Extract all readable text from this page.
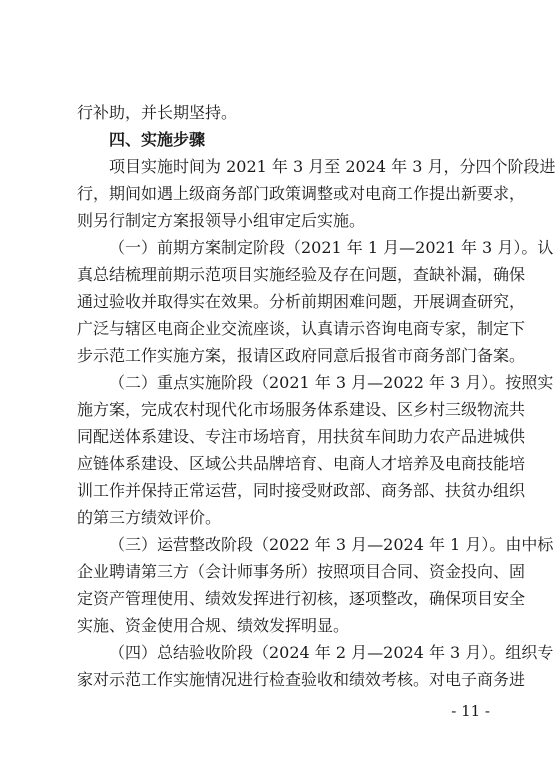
行补助，并长期坚持。
四、实施步骤
项目实施时间为 2021 年 3 月至 2024 年 3 月，分四个阶段进
行，期间如遇上级商务部门政策调整或对电商工作提出新要求，
则另行制定方案报领导小组审定后实施。
（一）前期方案制定阶段（2021 年 1 月—2021 年 3 月）。认
真总结梳理前期示范项目实施经验及存在问题，查缺补漏，确保
通过验收并取得实在效果。分析前期困难问题，开展调查研究，
广泛与辖区电商企业交流座谈，认真请示咨询电商专家，制定下
步示范工作实施方案，报请区政府同意后报省市商务部门备案。
（二）重点实施阶段（2021 年 3 月—2022 年 3 月）。按照实
施方案，完成农村现代化市场服务体系建设、区乡村三级物流共
同配送体系建设、专注市场培育，用扶贫车间助力农产品进城供
应链体系建设、区域公共品牌培育、电商人才培养及电商技能培
训工作并保持正常运营，同时接受财政部、商务部、扶贫办组织
的第三方绩效评价。
（三）运营整改阶段（2022 年 3 月—2024 年 1 月）。由中标
企业聘请第三方（会计师事务所）按照项目合同、资金投向、固
定资产管理使用、绩效发挥进行初核，逐项整改，确保项目安全
实施、资金使用合规、绩效发挥明显。
（四）总结验收阶段（2024 年 2 月—2024 年 3 月）。组织专
家对示范工作实施情况进行检查验收和绩效考核。对电子商务进
- 11 -
